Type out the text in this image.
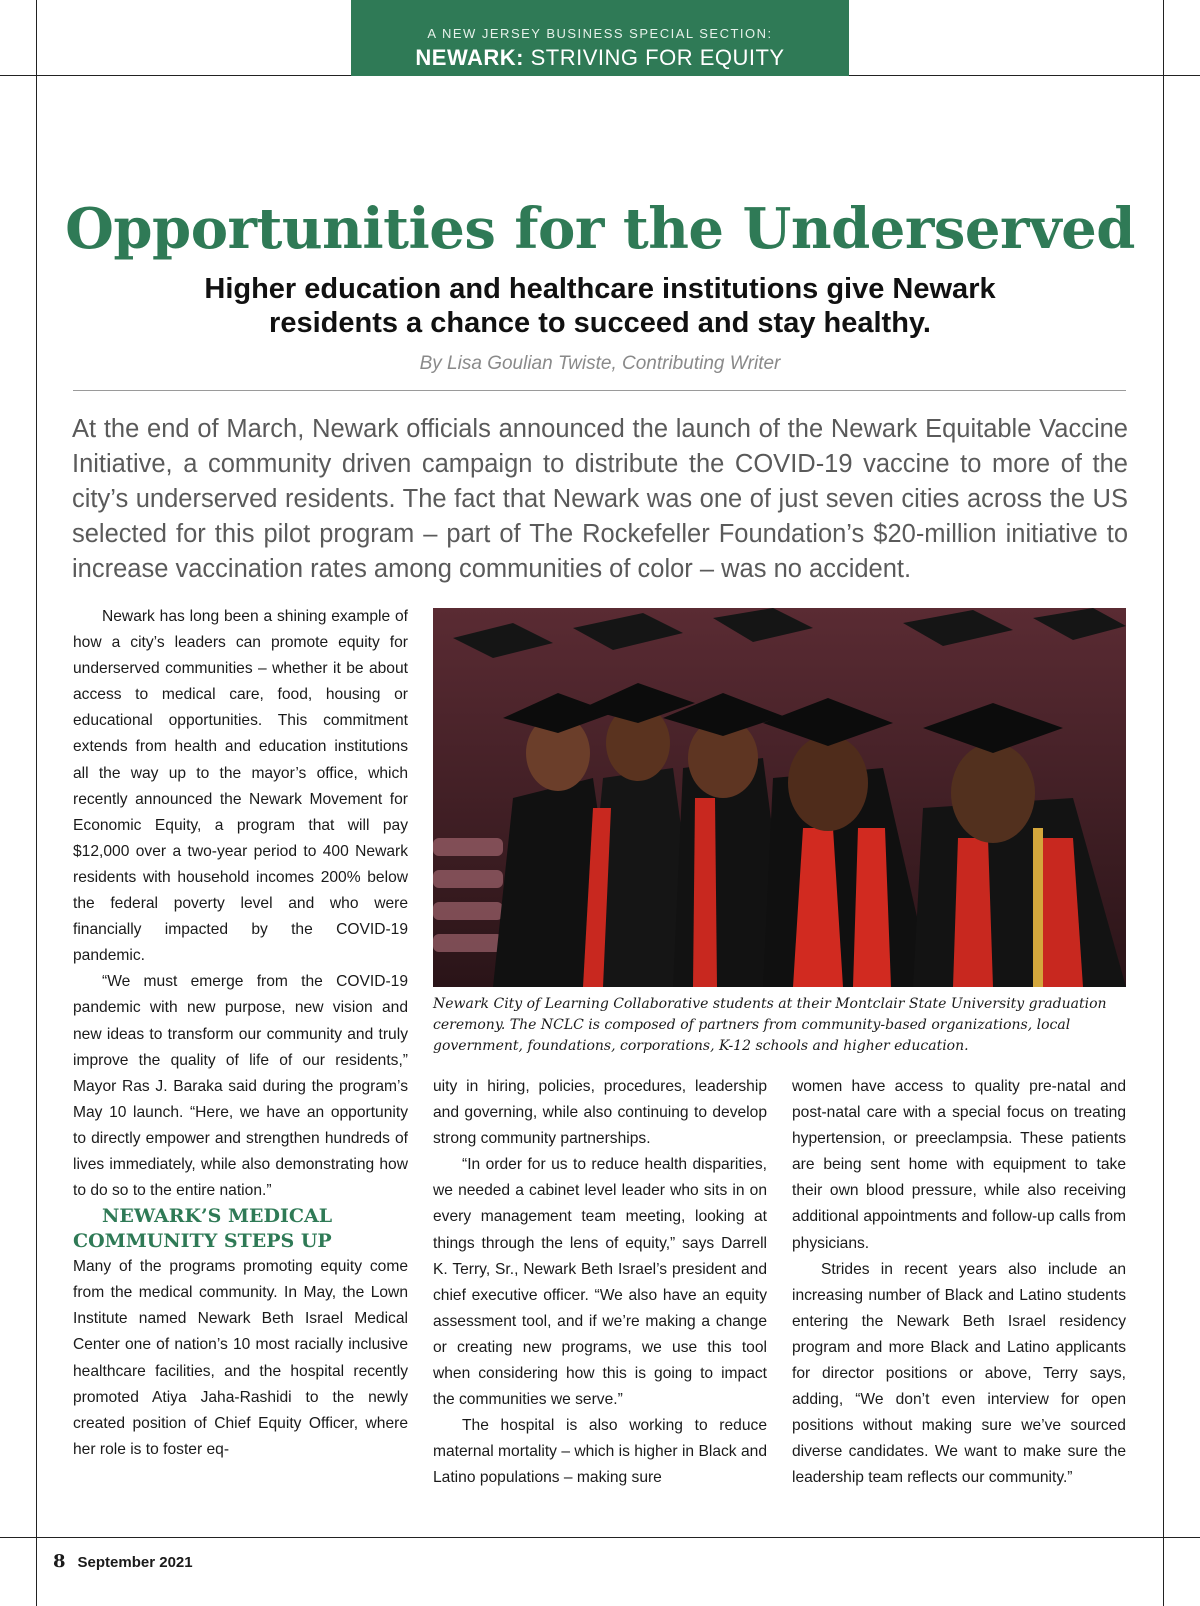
A NEW JERSEY BUSINESS SPECIAL SECTION:
NEWARK: STRIVING FOR EQUITY
Opportunities for the Underserved
Higher education and healthcare institutions give Newark residents a chance to succeed and stay healthy.
By Lisa Goulian Twiste, Contributing Writer
At the end of March, Newark officials announced the launch of the Newark Equitable Vaccine Initiative, a community driven campaign to distribute the COVID-19 vaccine to more of the city’s underserved residents. The fact that Newark was one of just seven cities across the US selected for this pilot program – part of The Rockefeller Foundation’s $20-million initiative to increase vaccination rates among communities of color – was no accident.

Newark has long been a shining example of how a city’s leaders can promote equity for underserved communities – whether it be about access to medical care, food, housing or educational opportunities. This commitment extends from health and education institutions all the way up to the mayor’s office, which recently announced the Newark Movement for Economic Equity, a program that will pay $12,000 over a two-year period to 400 Newark residents with household incomes 200% below the federal poverty level and who were financially impacted by the COVID-19 pandemic.

“We must emerge from the COVID-19 pandemic with new purpose, new vision and new ideas to transform our community and truly improve the quality of life of our residents,” Mayor Ras J. Baraka said during the program’s May 10 launch. “Here, we have an opportunity to directly empower and strengthen hundreds of lives immediately, while also demonstrating how to do so to the entire nation.”

NEWARK’S MEDICAL COMMUNITY STEPS UP

Many of the programs promoting equity come from the medical community. In May, the Lown Institute named Newark Beth Israel Medical Center one of nation’s 10 most racially inclusive healthcare facilities, and the hospital recently promoted Atiya Jaha-Rashidi to the newly created position of Chief Equity Officer, where her role is to foster eq-

Newark City of Learning Collaborative students at their Montclair State University graduation ceremony. The NCLC is composed of partners from community-based organizations, local government, foundations, corporations, K-12 schools and higher education.

uity in hiring, policies, procedures, leadership and governing, while also continuing to develop strong community partnerships.

“In order for us to reduce health disparities, we needed a cabinet level leader who sits in on every management team meeting, looking at things through the lens of equity,” says Darrell K. Terry, Sr., Newark Beth Israel’s president and chief executive officer. “We also have an equity assessment tool, and if we’re making a change or creating new programs, we use this tool when considering how this is going to impact the communities we serve.”

The hospital is also working to reduce maternal mortality – which is higher in Black and Latino populations – making sure

women have access to quality pre-natal and post-natal care with a special focus on treating hypertension, or preeclampsia. These patients are being sent home with equipment to take their own blood pressure, while also receiving additional appointments and follow-up calls from physicians.

Strides in recent years also include an increasing number of Black and Latino students entering the Newark Beth Israel residency program and more Black and Latino applicants for director positions or above, Terry says, adding, “We don’t even interview for open positions without making sure we’ve sourced diverse candidates. We want to make sure the leadership team reflects our community.”

8 September 2021
